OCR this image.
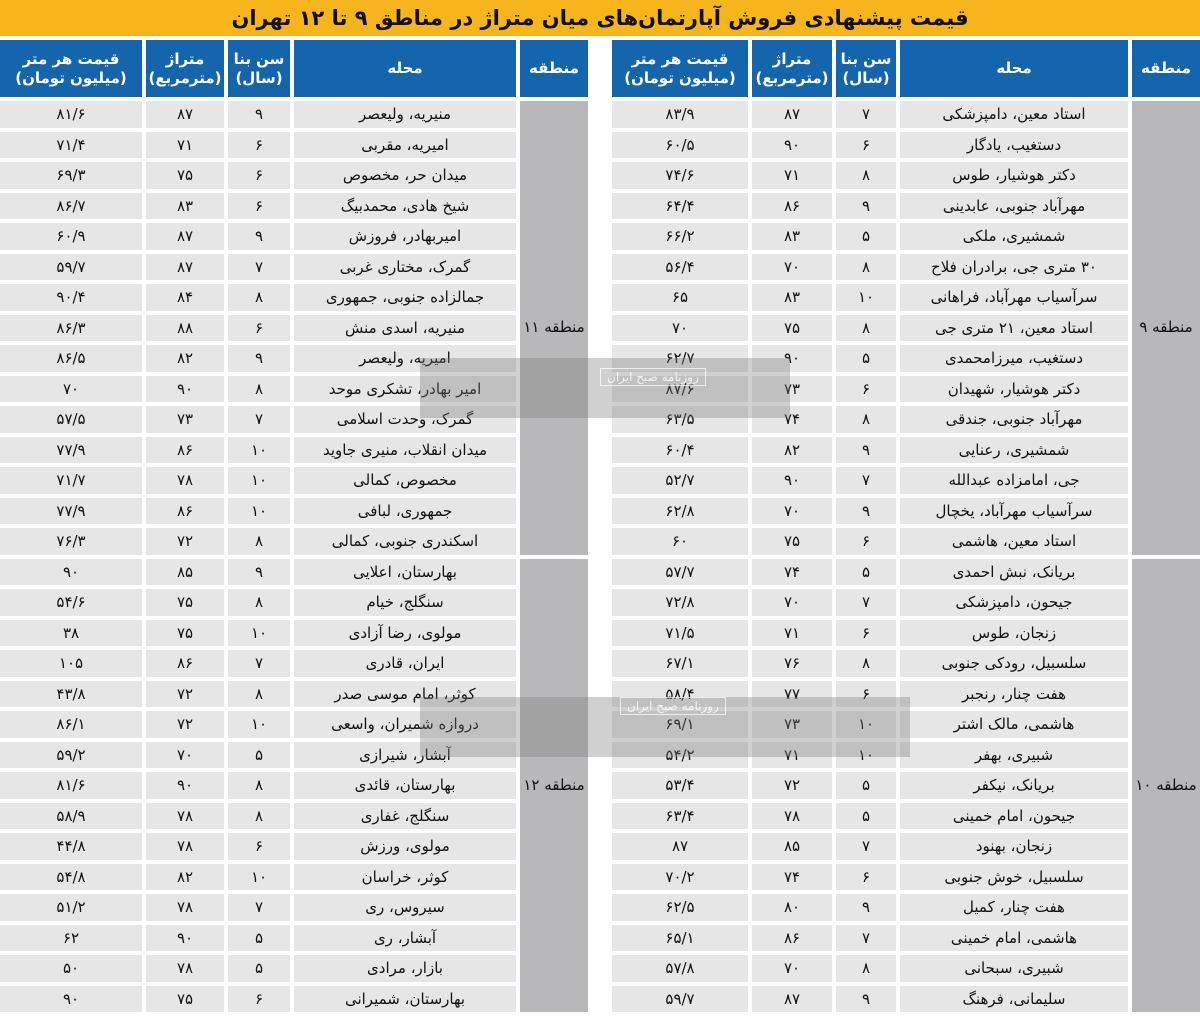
قیمت پیشنهادی فروش آپارتمان‌های میان متراژ در مناطق ۹ تا ۱۲ تهران
منطقه
محله
سن بنا (سال)
متراژ (مترمربع)
قیمت هر متر (میلیون تومان)
منطقه ۹
استاد معین، دامپزشکی
۷
۸۷
۸۳/۹
دستغیب، یادگار
۶
۹۰
۶۰/۵
دکتر هوشیار، طوس
۸
۷۱
۷۴/۶
مهرآباد جنوبی، عابدینی
۹
۸۶
۶۴/۴
شمشیری، ملکی
۵
۸۳
۶۶/۲
۳۰ متری جی، برادران فلاح
۸
۷۰
۵۶/۴
سرآسیاب مهرآباد، فراهانی
۱۰
۸۳
۶۵
استاد معین، ۲۱ متری جی
۸
۷۵
۷۰
دستغیب، میرزامحمدی
۵
۹۰
۶۲/۷
دکتر هوشیار، شهیدان
۶
۷۳
۸۷/۶
مهرآباد جنوبی، جندقی
۸
۷۴
۶۳/۵
شمشیری، رعنایی
۹
۸۲
۶۰/۴
جی، امامزاده عبدالله
۷
۹۰
۵۲/۷
سرآسیاب مهرآباد، یخچال
۹
۷۰
۶۲/۸
استاد معین، هاشمی
۶
۷۵
۶۰
منطقه ۱۰
بریانک، نبش احمدی
۵
۷۴
۵۷/۷
جیحون، دامپزشکی
۷
۷۰
۷۲/۸
زنجان، طوس
۶
۷۱
۷۱/۵
سلسبیل، رودکی جنوبی
۸
۷۶
۶۷/۱
هفت چنار، رنجبر
۶
۷۷
۵۸/۴
هاشمی، مالک اشتر
۱۰
۷۳
۶۹/۱
شبیری، بهفر
۱۰
۷۱
۵۴/۲
بریانک، نیکفر
۵
۷۲
۵۳/۴
جیحون، امام خمینی
۵
۷۸
۶۳/۴
زنجان، بهنود
۷
۸۵
۸۷
سلسبیل، خوش جنوبی
۶
۷۴
۷۰/۲
هفت چنار، کمیل
۹
۸۰
۶۲/۵
هاشمی، امام خمینی
۷
۸۶
۶۵/۱
شبیری، سبحانی
۸
۷۰
۵۷/۸
سلیمانی، فرهنگ
۹
۸۷
۵۹/۷
منطقه
محله
سن بنا (سال)
متراژ (مترمربع)
قیمت هر متر (میلیون تومان)
منطقه ۱۱
منیریه، ولیعصر
۹
۸۷
۸۱/۶
امیریه، مقربی
۶
۷۱
۷۱/۴
میدان حر، مخصوص
۶
۷۵
۶۹/۳
شیخ هادی، محمدبیگ
۶
۸۳
۸۶/۷
امیربهادر، فروزش
۹
۸۷
۶۰/۹
گمرک، مختاری غربی
۷
۸۷
۵۹/۷
جمالزاده جنوبی، جمهوری
۸
۸۴
۹۰/۴
منیریه، اسدی منش
۶
۸۸
۸۶/۳
امیریه، ولیعصر
۹
۸۲
۸۶/۵
امیر بهادر، تشکری موحد
۸
۹۰
۷۰
گمرک، وحدت اسلامی
۷
۷۳
۵۷/۵
میدان انقلاب، منیری جاوید
۱۰
۸۶
۷۷/۹
مخصوص، کمالی
۱۰
۷۸
۷۱/۷
جمهوری، لبافی
۱۰
۸۶
۷۷/۹
اسکندری جنوبی، کمالی
۸
۷۲
۷۶/۳
منطقه ۱۲
بهارستان، اعلایی
۹
۸۵
۹۰
سنگلج، خیام
۸
۷۵
۵۴/۶
مولوی، رضا آزادی
۱۰
۷۵
۳۸
ایران، قادری
۷
۸۶
۱۰۵
کوثر، امام موسی صدر
۸
۷۲
۴۳/۸
دروازه شمیران، واسعی
۱۰
۷۲
۸۶/۱
آبشار، شیرازی
۵
۷۰
۵۹/۲
بهارستان، قائدی
۸
۹۰
۸۱/۶
سنگلج، غفاری
۸
۷۸
۵۸/۹
مولوی، ورزش
۶
۷۸
۴۴/۸
کوثر، خراسان
۱۰
۸۲
۵۴/۸
سیروس، ری
۷
۷۸
۵۱/۲
آبشار، ری
۵
۹۰
۶۲
بازار، مرادی
۵
۷۸
۵۰
بهارستان، شمیرانی
۶
۷۵
۹۰
روزنامه صبح ایران
روزنامه صبح ایران
